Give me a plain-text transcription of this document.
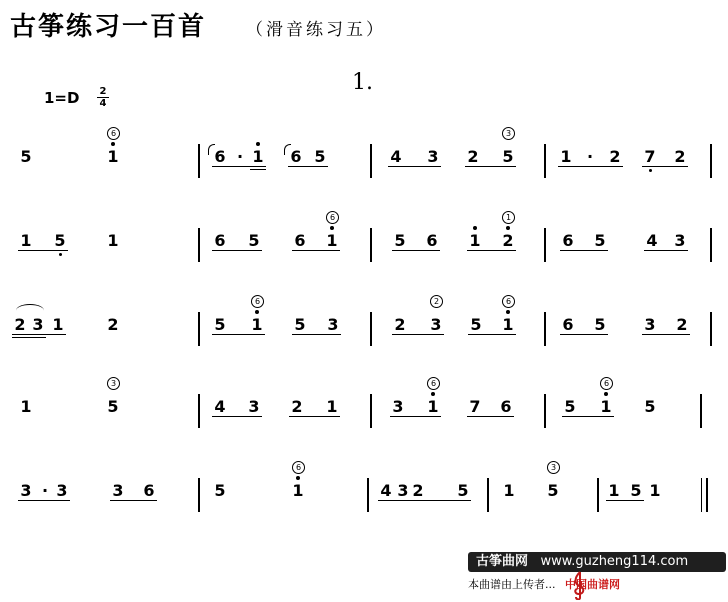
古筝练习一百首 （滑音练习五）
1.
1=D	2
4
5	1
6
6 · 1 6 5	4 3 2 5
3
1 · 2 7 2
1 5	1	6 5 6 1
6
5 6 1 2
1
6 5	4 3
2 3 1	2	5 1
6
5 3	2 3
2
5 1
6
6 5 3 2
1	5
3
4 3 2 1	3 1
6
7 6	5 1
6
5
3 · 3	3 6	5	1
6
4 3 2 5 1 5
3
1 5 1
古筝曲网 www.guzheng114.com
本曲谱由上传者... 中国曲谱网
